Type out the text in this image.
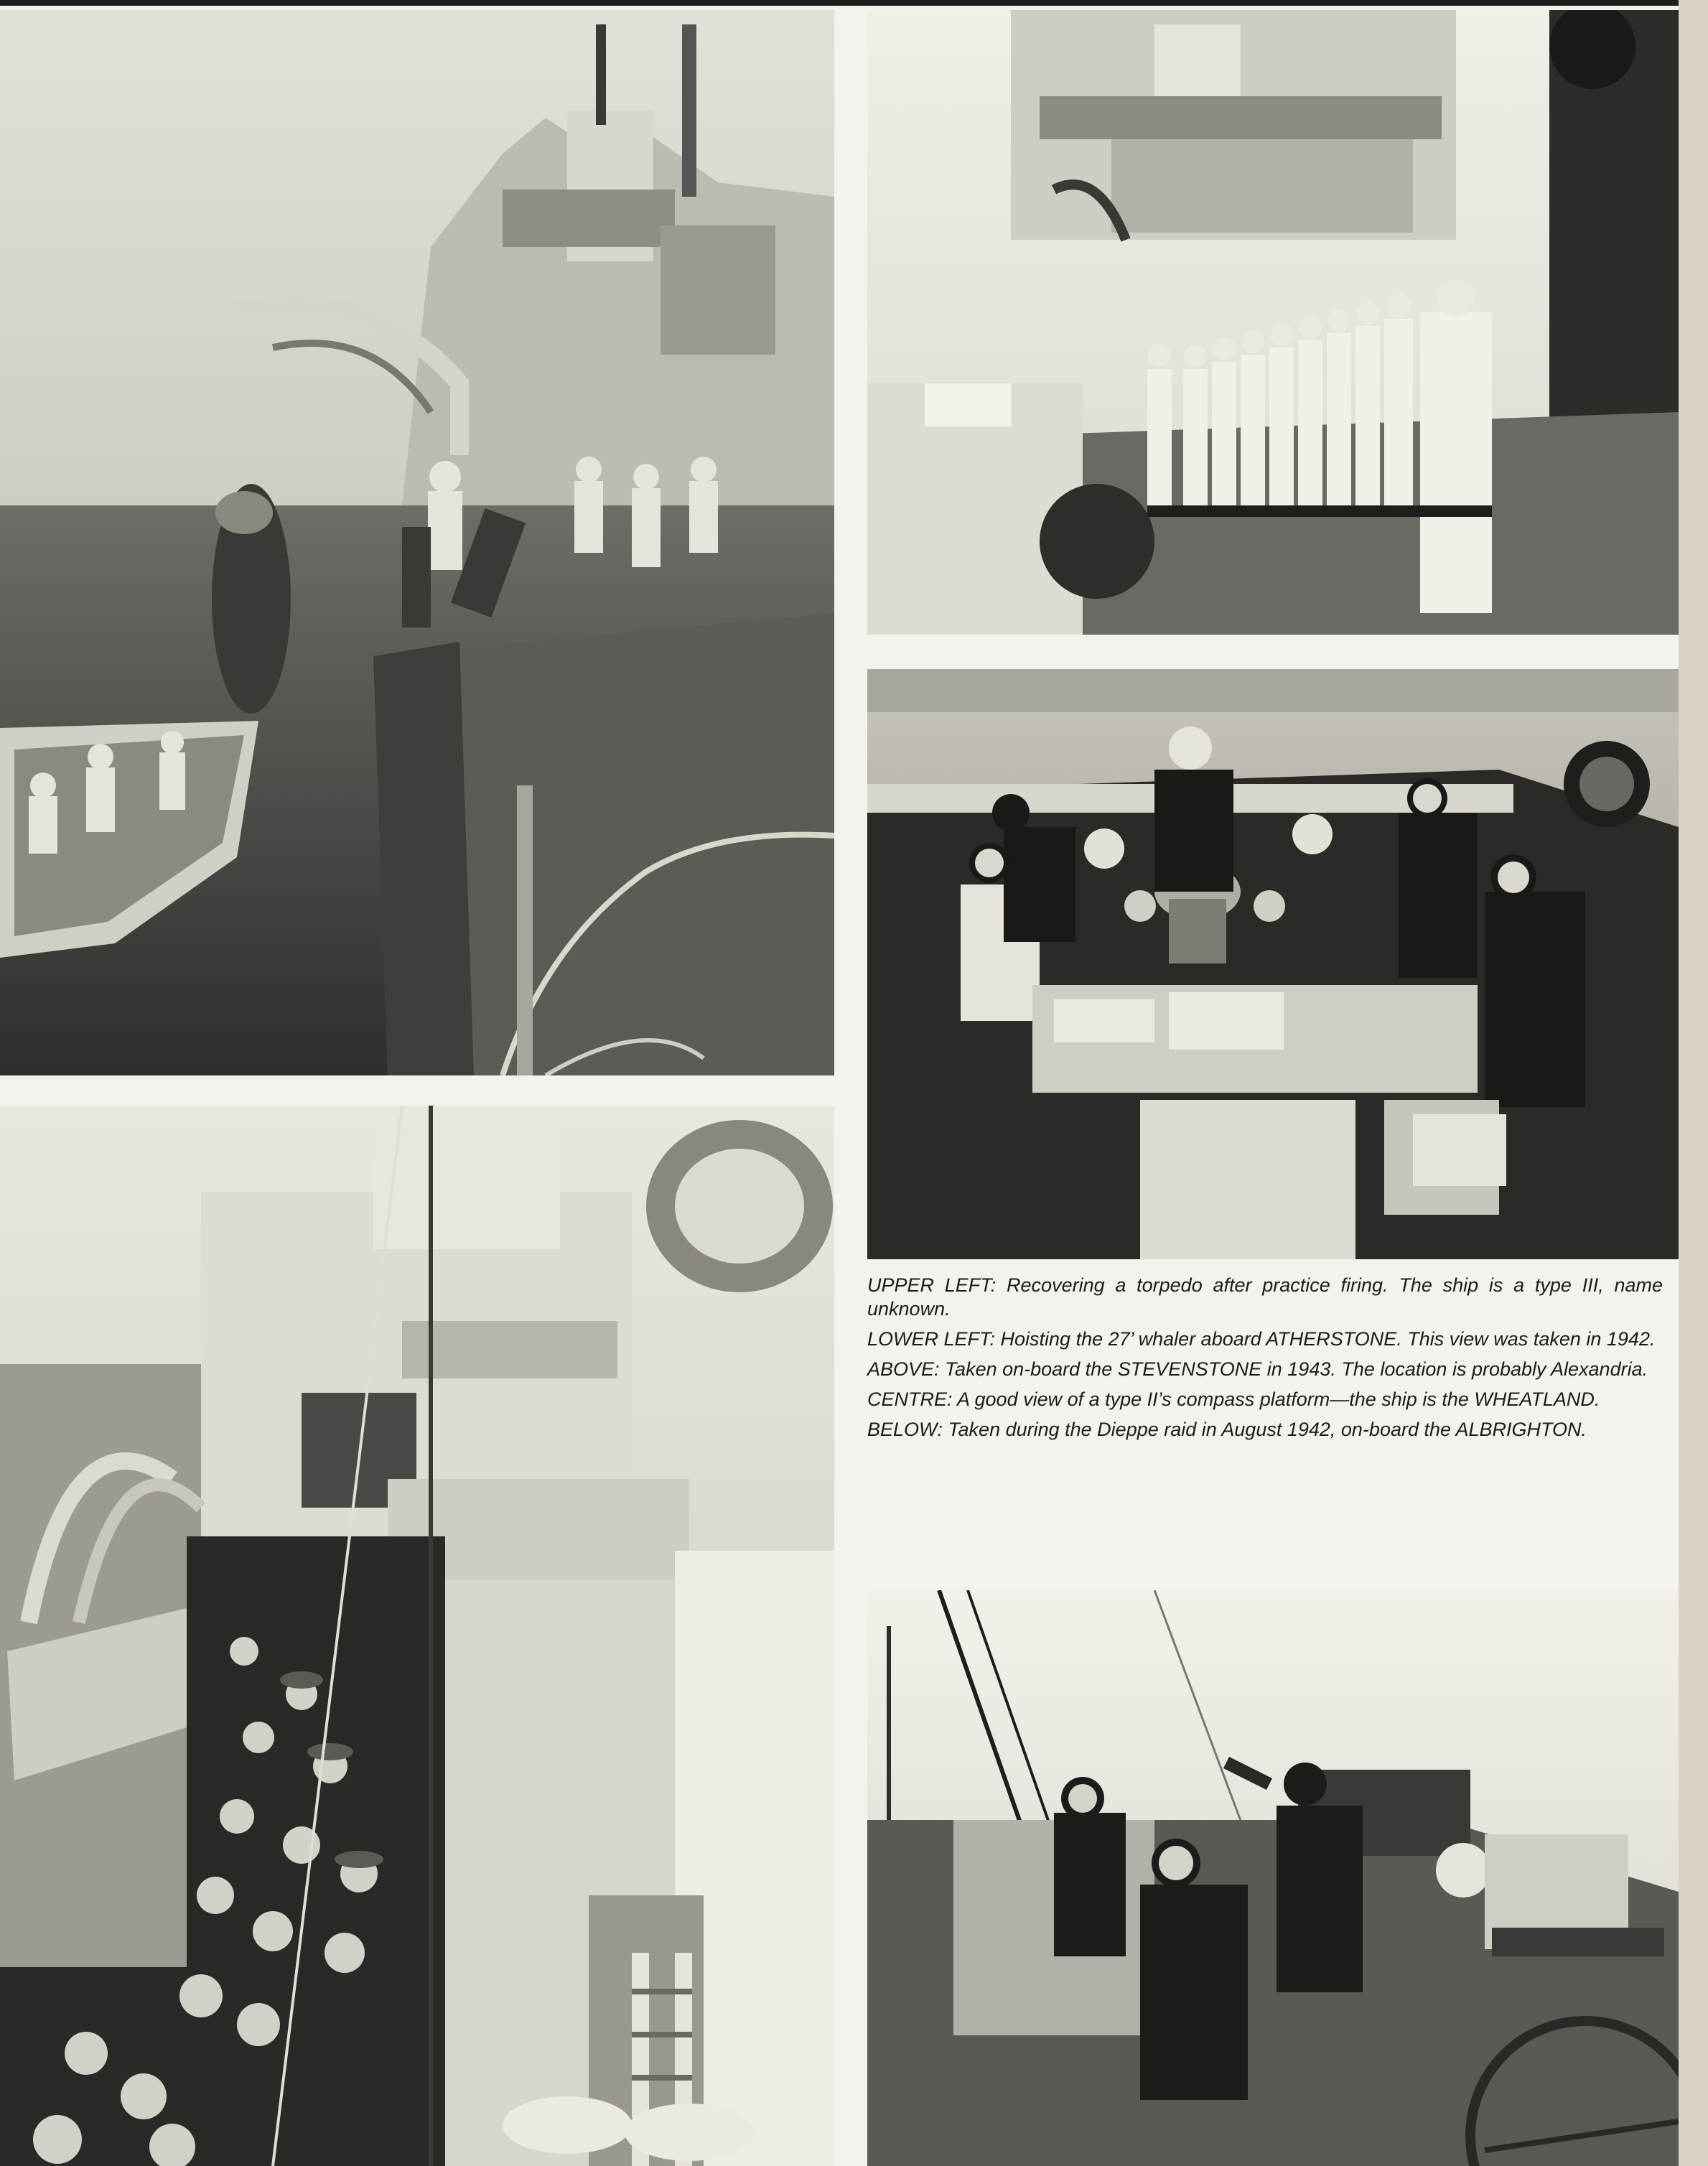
UPPER LEFT: Recovering a torpedo after practice firing. The ship is a type III, name unknown.

LOWER LEFT: Hoisting the 27’ whaler aboard ATHERSTONE. This view was taken in 1942.

ABOVE: Taken on-board the STEVENSTONE in 1943. The location is probably Alexandria.

CENTRE: A good view of a type II’s compass platform—the ship is the WHEATLAND.

BELOW: Taken during the Dieppe raid in August 1942, on-board the ALBRIGHTON.
